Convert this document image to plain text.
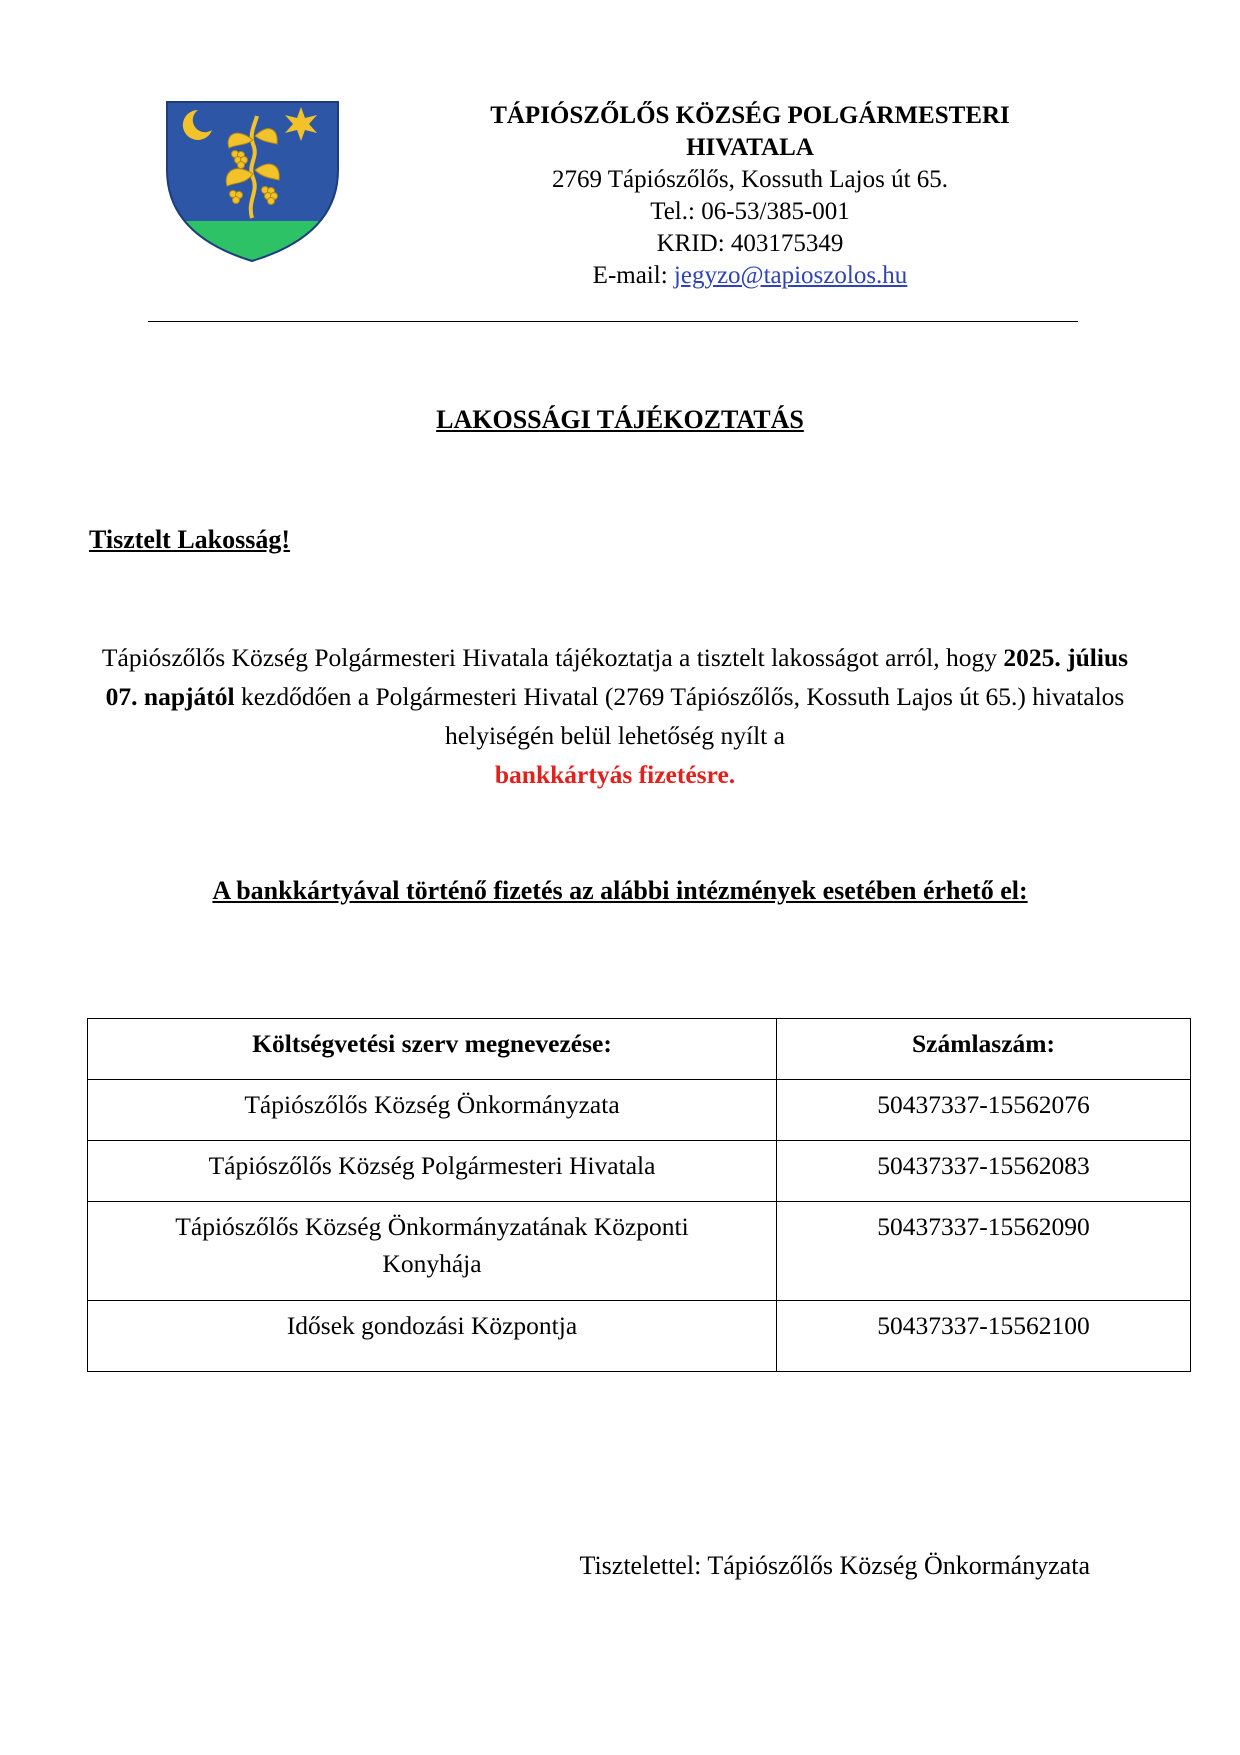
TÁPIÓSZŐLŐS KÖZSÉG POLGÁRMESTERI
HIVATALA
2769 Tápiószőlős, Kossuth Lajos út 65.
Tel.: 06-53/385-001
KRID: 403175349
E-mail: jegyzo@tapioszolos.hu
LAKOSSÁGI TÁJÉKOZTATÁS
Tisztelt Lakosság!
Tápiószőlős Község Polgármesteri Hivatala tájékoztatja a tisztelt lakosságot arról, hogy 2025. július 07. napjától kezdődően a Polgármesteri Hivatal (2769 Tápiószőlős, Kossuth Lajos út 65.) hivatalos helyiségén belül lehetőség nyílt a
bankkártyás fizetésre.
A bankkártyával történő fizetés az alábbi intézmények esetében érhető el:
Költségvetési szerv megnevezése:	Számlaszám:
Tápiószőlős Község Önkormányzata	50437337-15562076
Tápiószőlős Község Polgármesteri Hivatala	50437337-15562083
Tápiószőlős Község Önkormányzatának Központi Konyhája	50437337-15562090
Idősek gondozási Központja	50437337-15562100
Tisztelettel: Tápiószőlős Község Önkormányzata
